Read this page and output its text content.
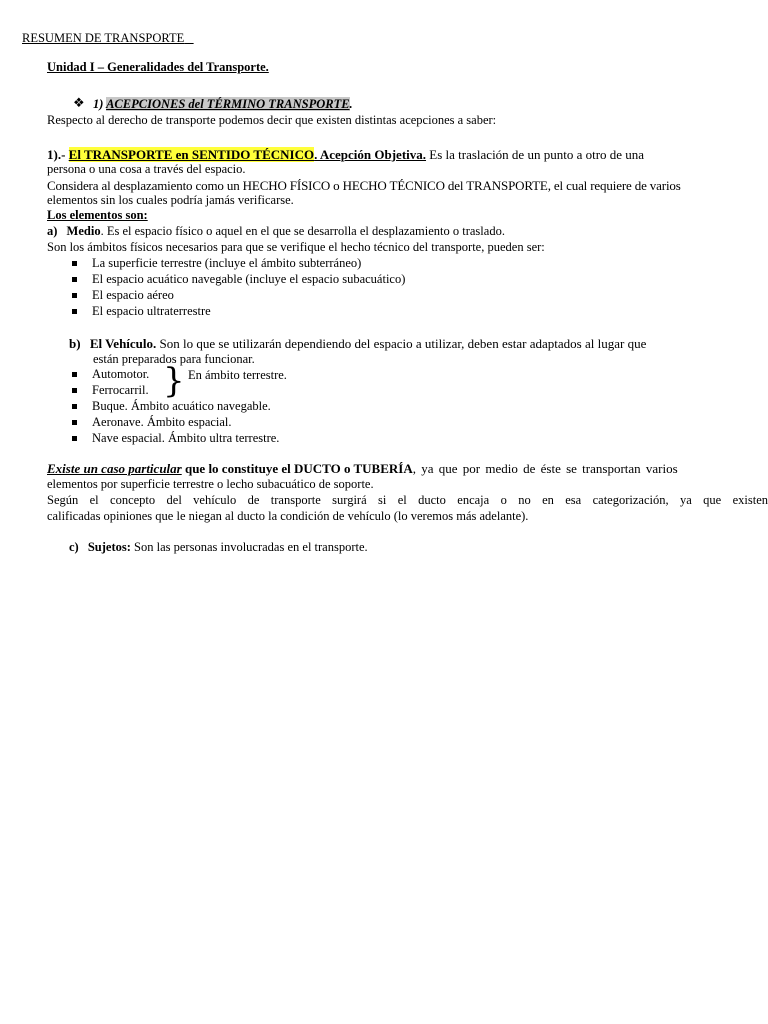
RESUMEN DE TRANSPORTE
Unidad I – Generalidades del Transporte.
❖ 1) ACEPCIONES del TÉRMINO TRANSPORTE.
Respecto al derecho de transporte podemos decir que existen distintas acepciones a saber:
1).- El TRANSPORTE en SENTIDO TÉCNICO. Acepción Objetiva. Es la traslación de un punto a otro de una
persona o una cosa a través del espacio.
Considera al desplazamiento como un HECHO FÍSICO o HECHO TÉCNICO del TRANSPORTE, el cual requiere de varios
elementos sin los cuales podría jamás verificarse.
Los elementos son:
a) Medio. Es el espacio físico o aquel en el que se desarrolla el desplazamiento o traslado.
Son los ámbitos físicos necesarios para que se verifique el hecho técnico del transporte, pueden ser:
La superficie terrestre (incluye el ámbito subterráneo)
El espacio acuático navegable (incluye el espacio subacuático)
El espacio aéreo
El espacio ultraterrestre
b) El Vehículo. Son lo que se utilizarán dependiendo del espacio a utilizar, deben estar adaptados al lugar que
están preparados para funcionar.
Automotor.
Ferrocarril.
Buque. Ámbito acuático navegable.
Aeronave. Ámbito espacial.
Nave espacial. Ámbito ultra terrestre.
} En ámbito terrestre.
Existe un caso particular que lo constituye el DUCTO o TUBERÍA, ya que por medio de éste se transportan varios
elementos por superficie terrestre o lecho subacuático de soporte.
Según el concepto del vehículo de transporte surgirá si el ducto encaja o no en esa categorización, ya que existen
calificadas opiniones que le niegan al ducto la condición de vehículo (lo veremos más adelante).
c) Sujetos: Son las personas involucradas en el transporte.
